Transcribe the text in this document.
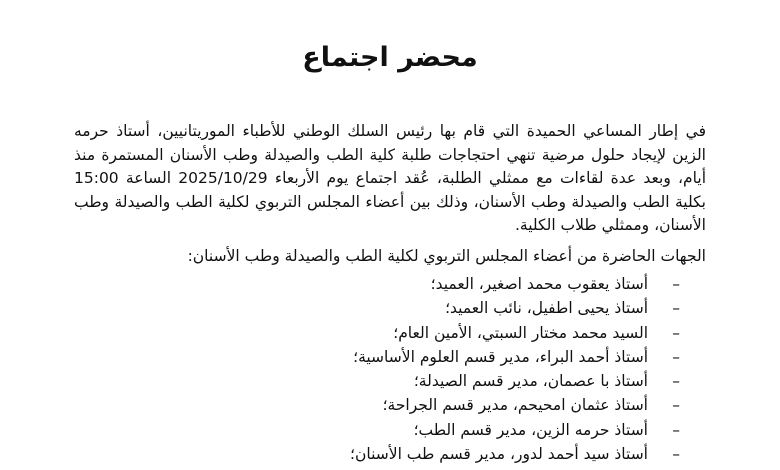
محضر اجتماع

في إطار المساعي الحميدة التي قام بها رئيس السلك الوطني للأطباء الموريتانيين، أستاذ حرمه الزين لإيجاد حلول مرضية تنهي احتجاجات طلبة كلية الطب والصيدلة وطب الأسنان المستمرة منذ أيام، وبعد عدة لقاءات مع ممثلي الطلبة، عُقد اجتماع يوم الأربعاء 2025/10/29 الساعة 15:00 بكلية الطب والصيدلة وطب الأسنان، وذلك بين أعضاء المجلس التربوي لكلية الطب والصيدلة وطب الأسنان، وممثلي طلاب الكلية.

الجهات الحاضرة من أعضاء المجلس التربوي لكلية الطب والصيدلة وطب الأسنان:

–
أستاذ يعقوب محمد اصغير، العميد؛
–
أستاذ يحيى اطفيل، نائب العميد؛
–
السيد محمد مختار السبتي، الأمين العام؛
–
أستاذ أحمد البراء، مدير قسم العلوم الأساسية؛
–
أستاذ با عصمان، مدير قسم الصيدلة؛
–
أستاذ عثمان امحيحم، مدير قسم الجراحة؛
–
أستاذ حرمه الزين، مدير قسم الطب؛
–
أستاذ سيد أحمد لدور، مدير قسم طب الأسنان؛
